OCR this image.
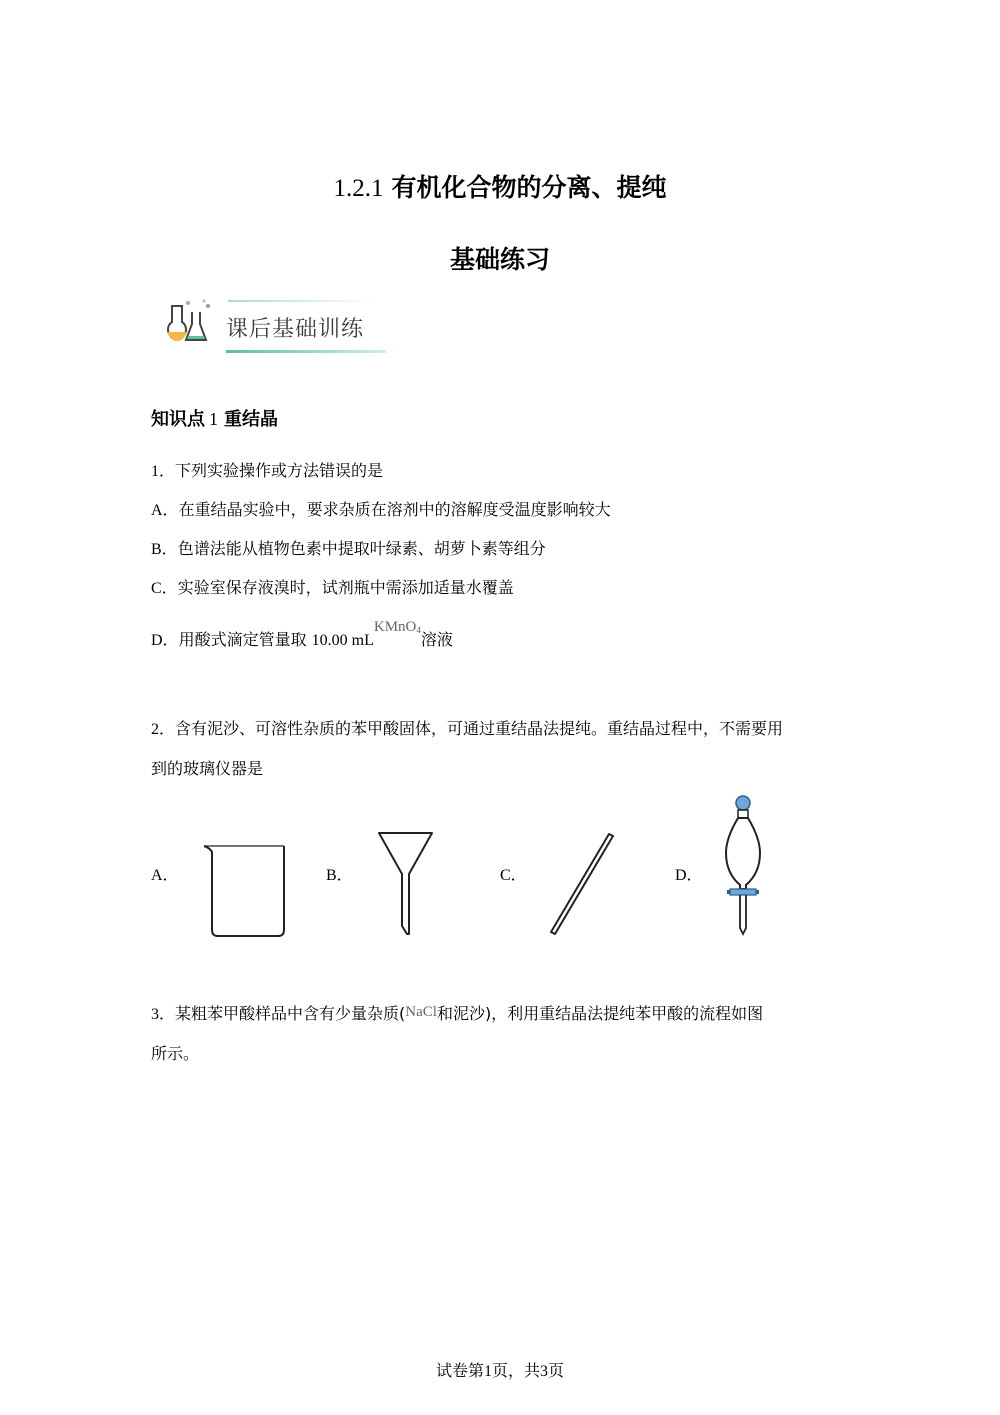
1.2.1 有机化合物的分离、提纯
基础练习
课后基础训练
知识点 1 重结晶
1．下列实验操作或方法错误的是
A．在重结晶实验中，要求杂质在溶剂中的溶解度受温度影响较大
B．色谱法能从植物色素中提取叶绿素、胡萝卜素等组分
C．实验室保存液溴时，试剂瓶中需添加适量水覆盖
D．用酸式滴定管量取 10.00 mLKMnO4溶液
2．含有泥沙、可溶性杂质的苯甲酸固体，可通过重结晶法提纯。重结晶过程中，不需要用
到的玻璃仪器是
A．	B．	C．	D．
3．某粗苯甲酸样品中含有少量杂质(NaCl和泥沙)，利用重结晶法提纯苯甲酸的流程如图
所示。
试卷第1页，共3页
